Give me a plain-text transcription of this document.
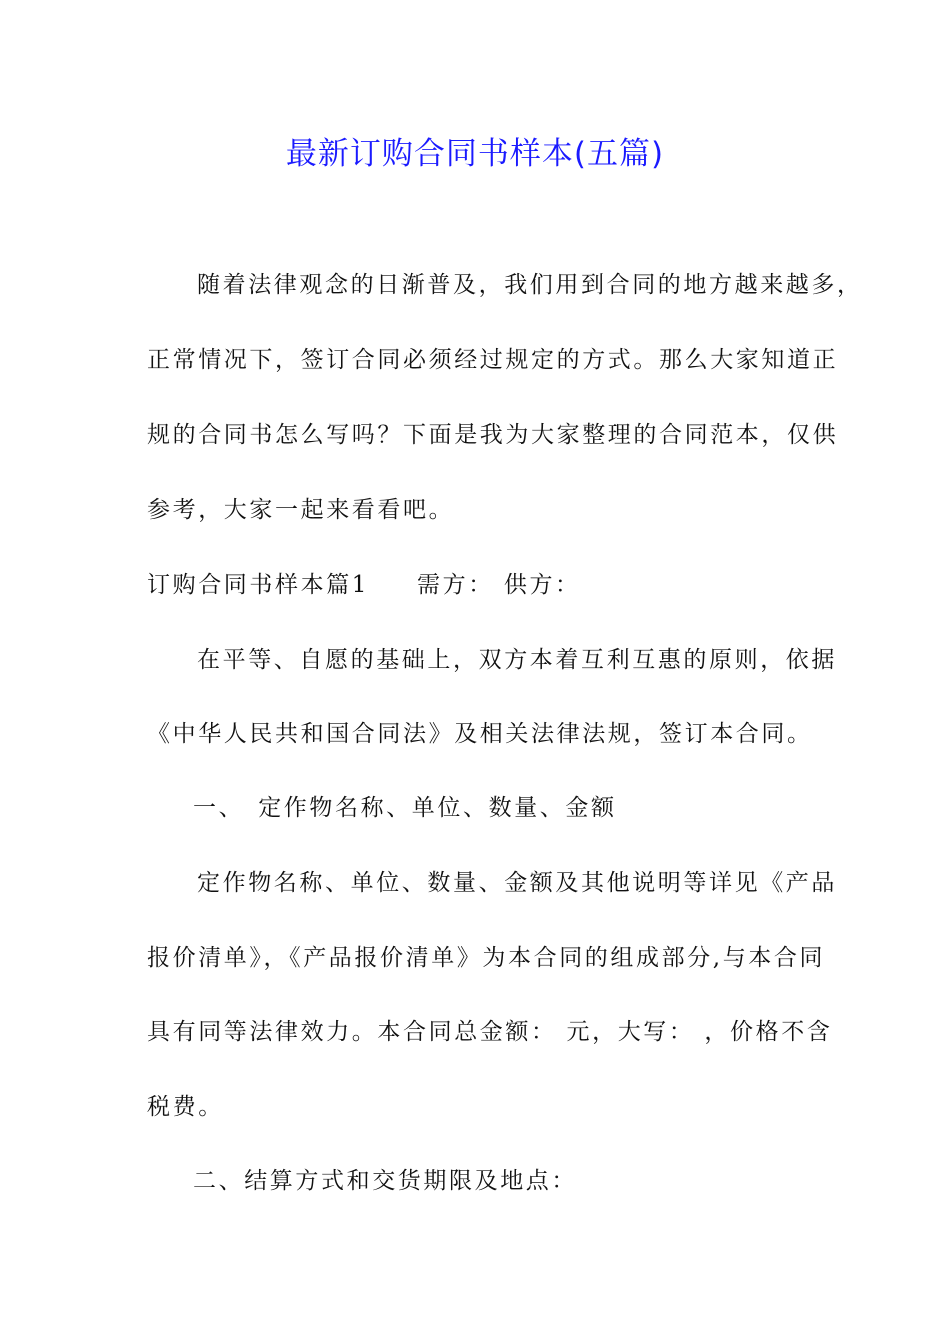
最新订购合同书样本(五篇)
随着法律观念的日渐普及，我们用到合同的地方越来越多，
正常情况下，签订合同必须经过规定的方式。那么大家知道正
规的合同书怎么写吗？下面是我为大家整理的合同范本，仅供
参考，大家一起来看看吧。
订购合同书样本篇1 需方： 供方：
在平等、自愿的基础上，双方本着互利互惠的原则，依据
《中华人民共和国合同法》及相关法律法规，签订本合同。
一、 定作物名称、单位、数量、金额
定作物名称、单位、数量、金额及其他说明等详见《产品
报价清单》，《产品报价清单》为本合同的组成部分,与本合同
具有同等法律效力。本合同总金额： 元，大写： ，价格不含
税费。
二、结算方式和交货期限及地点：
